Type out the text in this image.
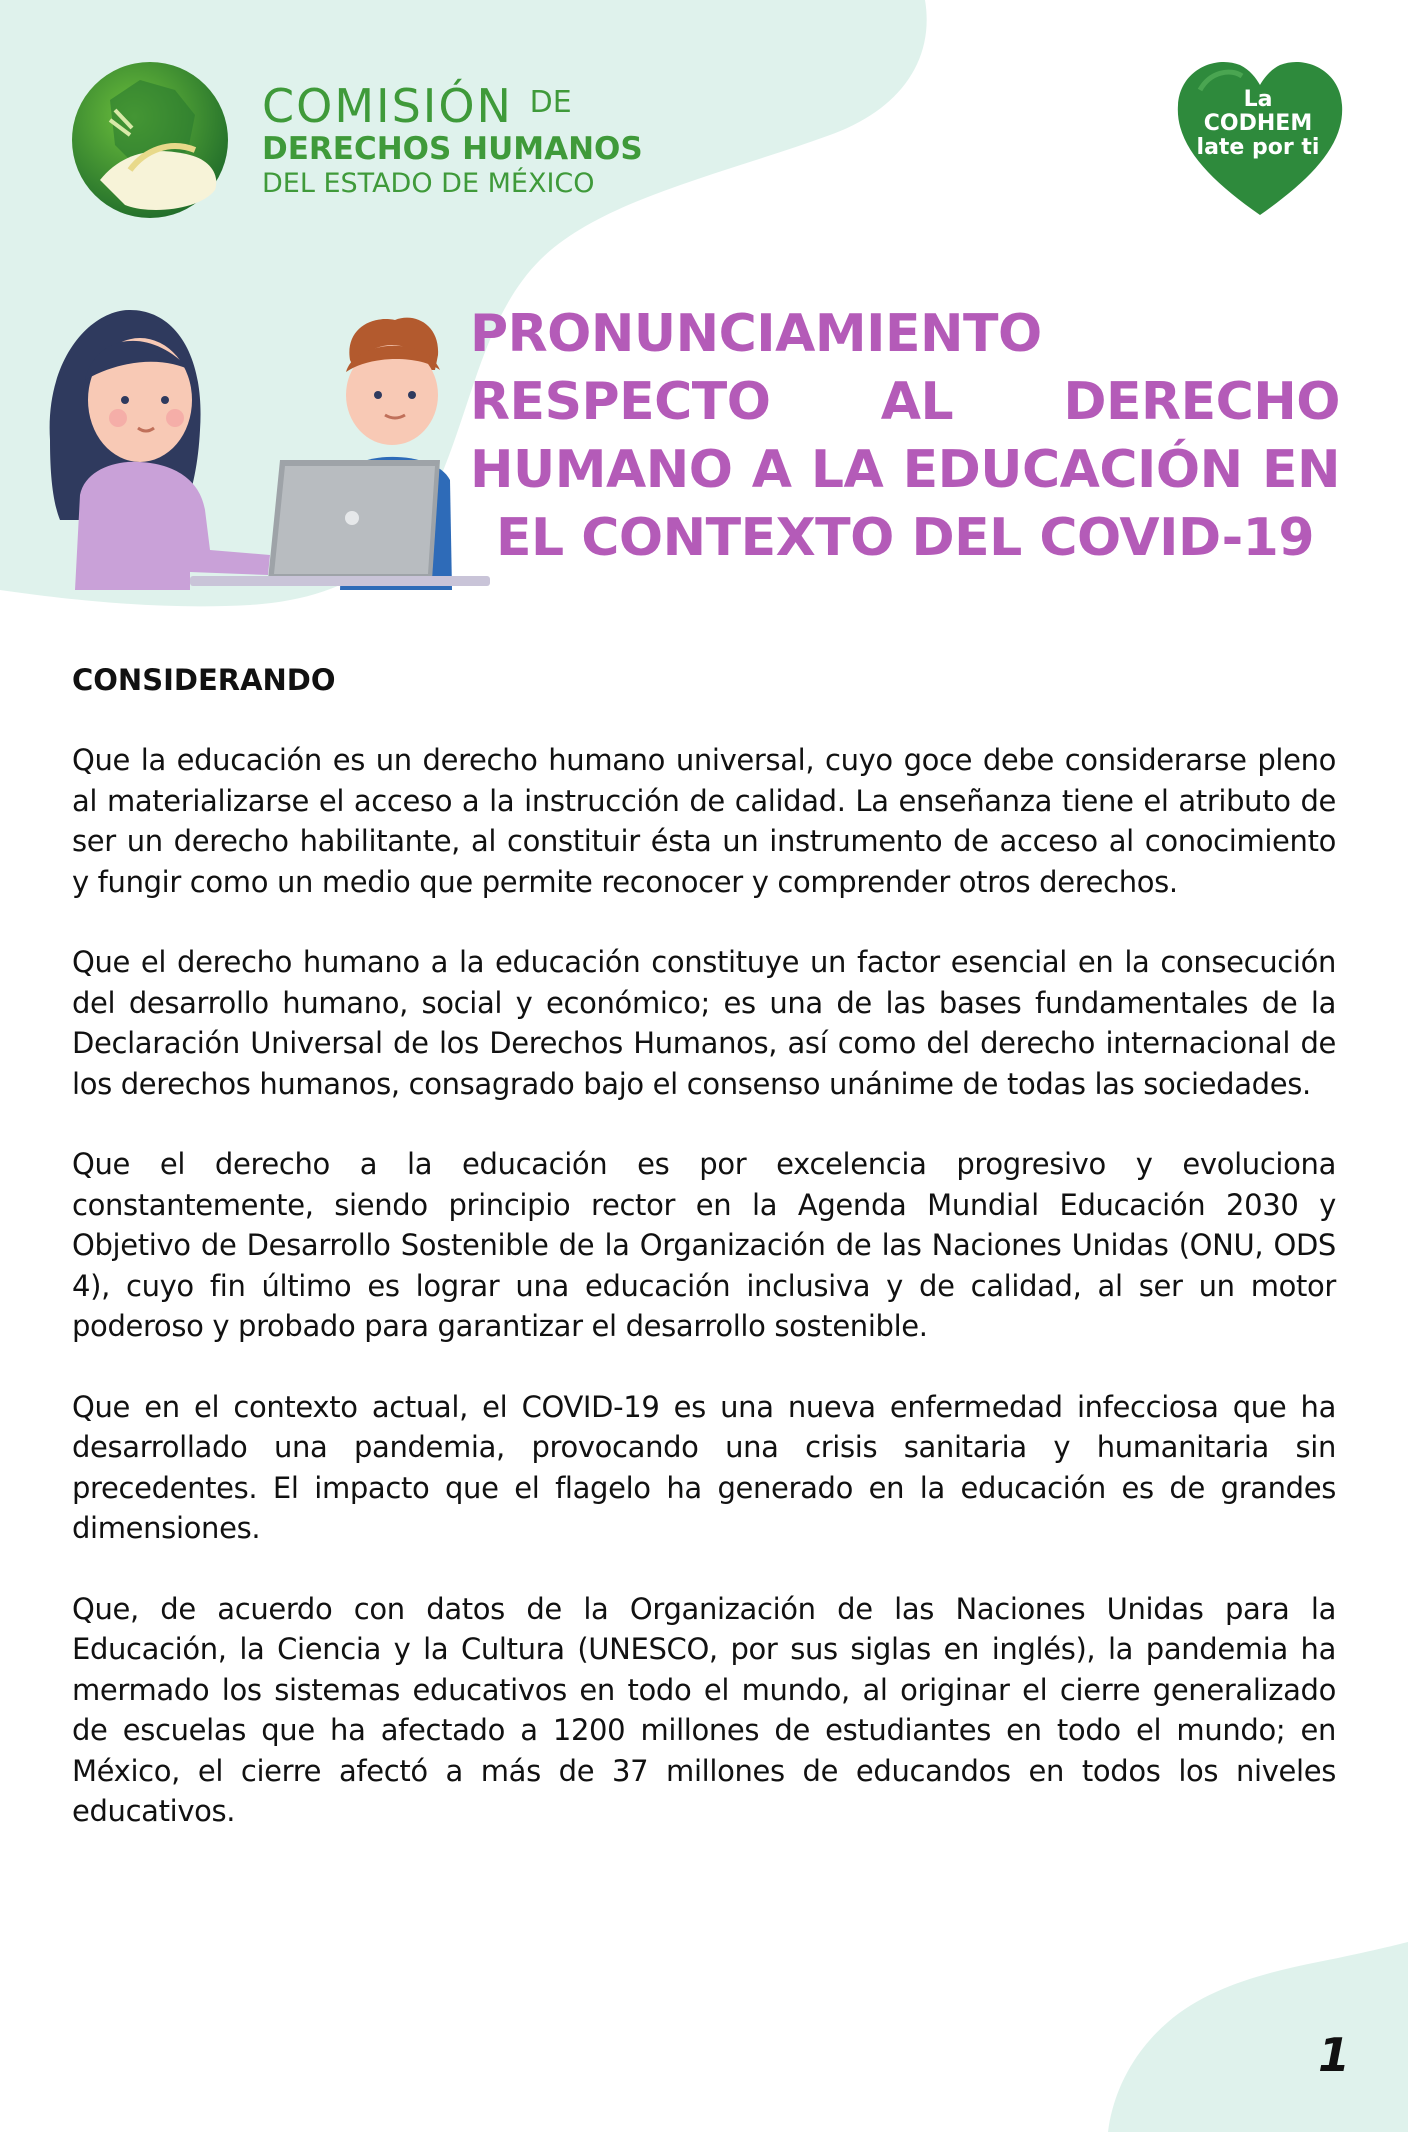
COMISIÓN $^{DE}$
DERECHOS HUMANOS
DEL ESTADO DE MÉXICO
La
CODHEM
late por ti
PRONUNCIAMIENTO RESPECTO AL DERECHO HUMANO A LA EDUCACIÓN EN EL CONTEXTO DEL COVID-19
CONSIDERANDO

Que la educación es un derecho humano universal, cuyo goce debe considerarse pleno al materializarse el acceso a la instrucción de calidad. La enseñanza tiene el atributo de ser un derecho habilitante, al constituir ésta un instrumento de acceso al conocimiento y fungir como un medio que permite reconocer y comprender otros derechos.

Que el derecho humano a la educación constituye un factor esencial en la consecución del desarrollo humano, social y económico; es una de las bases fundamentales de la Declaración Universal de los Derechos Humanos, así como del derecho internacional de los derechos humanos, consagrado bajo el consenso unánime de todas las sociedades.

Que el derecho a la educación es por excelencia progresivo y evoluciona constantemente, siendo principio rector en la Agenda Mundial Educación 2030 y Objetivo de Desarrollo Sostenible de la Organización de las Naciones Unidas (ONU, ODS 4), cuyo fin último es lograr una educación inclusiva y de calidad, al ser un motor poderoso y probado para garantizar el desarrollo sostenible.

Que en el contexto actual, el COVID-19 es una nueva enfermedad infecciosa que ha desarrollado una pandemia, provocando una crisis sanitaria y humanitaria sin precedentes. El impacto que el flagelo ha generado en la educación es de grandes dimensiones.

Que, de acuerdo con datos de la Organización de las Naciones Unidas para la Educación, la Ciencia y la Cultura (UNESCO, por sus siglas en inglés), la pandemia ha mermado los sistemas educativos en todo el mundo, al originar el cierre generalizado de escuelas que ha afectado a 1200 millones de estudiantes en todo el mundo; en México, el cierre afectó a más de 37 millones de educandos en todos los niveles educativos.

1
